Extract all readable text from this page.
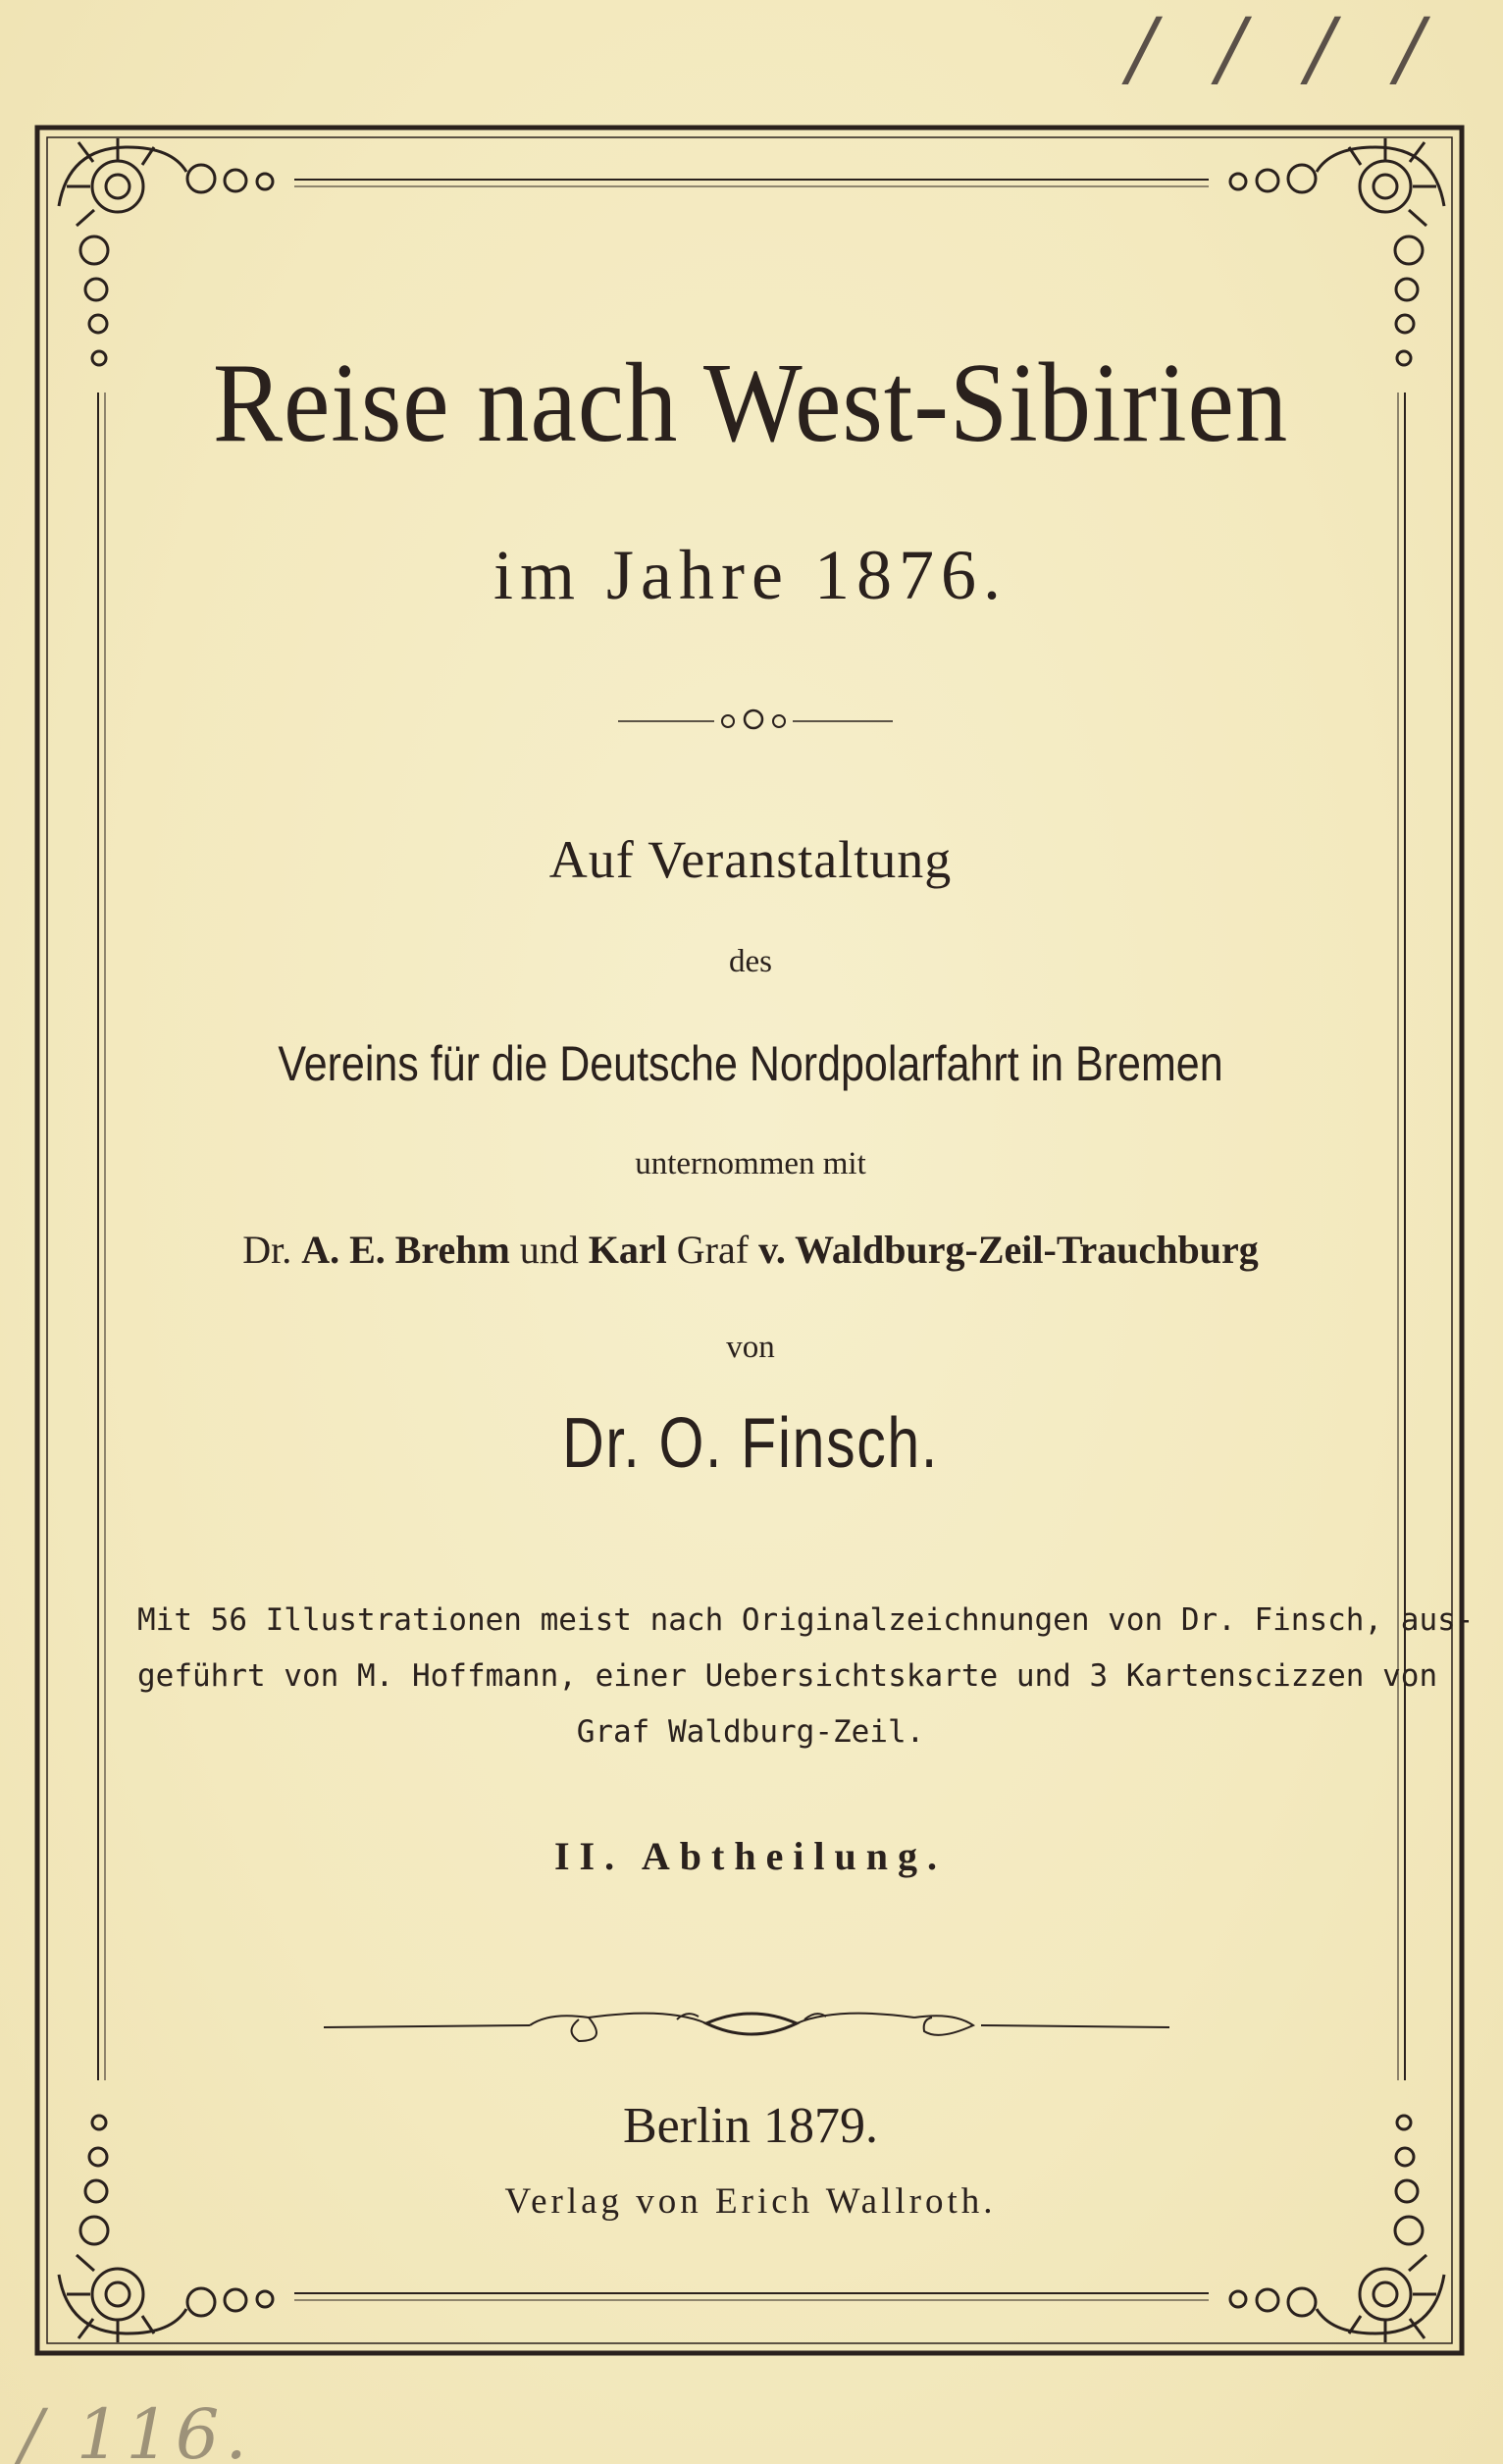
/ / / /
/ 116.
Reise nach West-Sibirien
im Jahre 1876.
Auf Veranstaltung
des
Vereins für die Deutsche Nordpolarfahrt in Bremen
unternommen mit
Dr. A. E. Brehm und Karl Graf v. Waldburg-Zeil-Trauchburg
von
Dr. O. Finsch.
Mit 56 Illustrationen meist nach Originalzeichnungen von Dr. Finsch, aus-
geführt von M. Hoffmann, einer Uebersichtskarte und 3 Kartenscizzen von
Graf Waldburg-Zeil.
II. Abtheilung.
Berlin 1879.
Verlag von Erich Wallroth.
